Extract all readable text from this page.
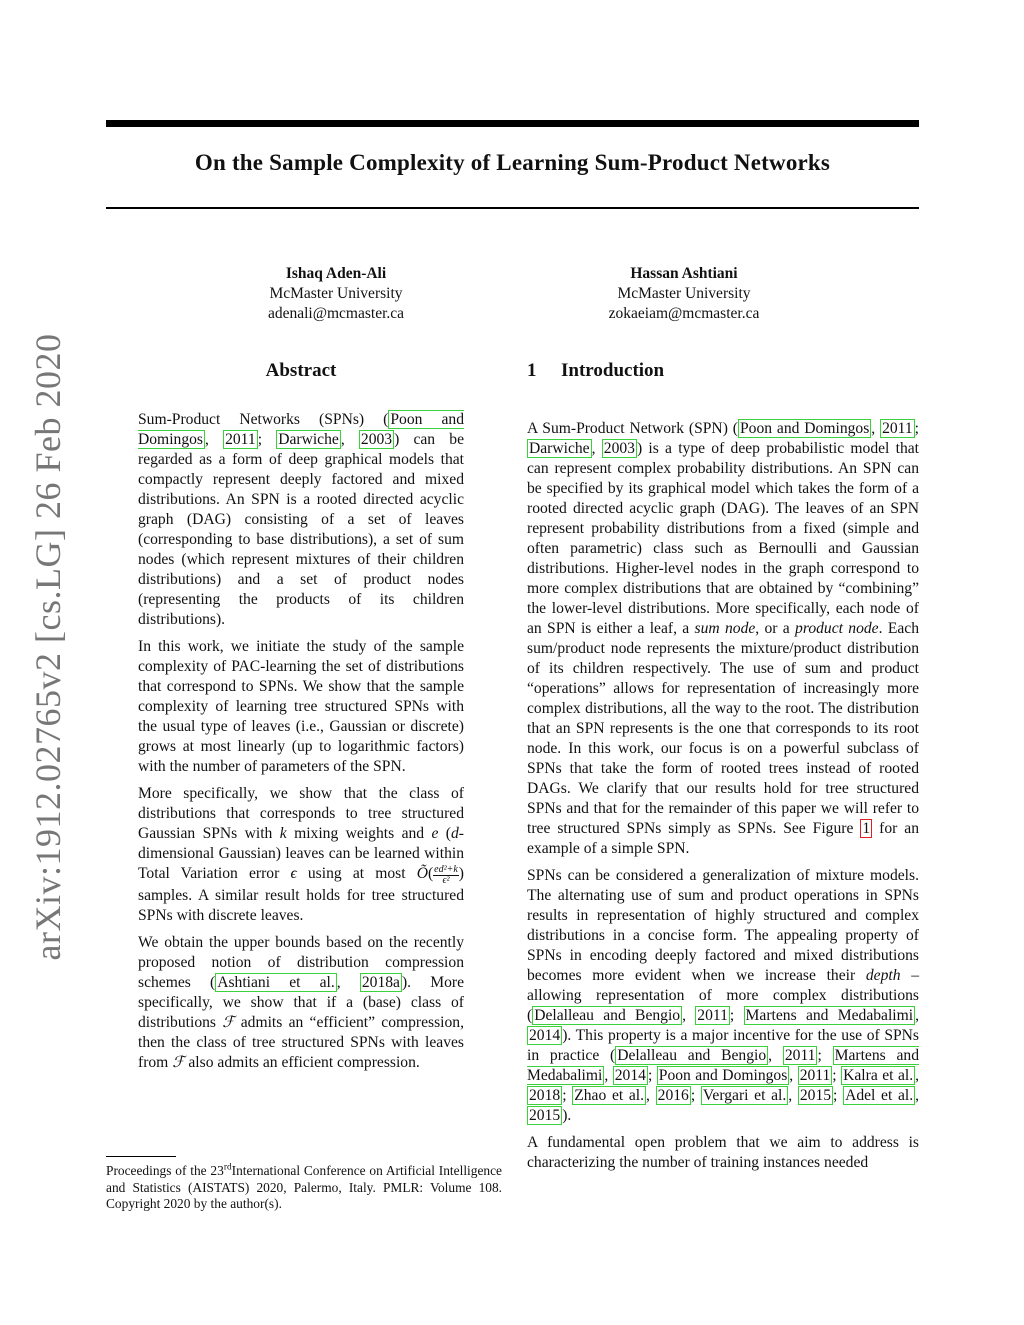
arXiv:1912.02765v2 [cs.LG] 26 Feb 2020
On the Sample Complexity of Learning Sum-Product Networks
Ishaq Aden-Ali
McMaster University
adenali@mcmaster.ca
Hassan Ashtiani
McMaster University
zokaeiam@mcmaster.ca
Abstract

Sum-Product Networks (SPNs) ( Poon and Domingos , 2011 ; Darwiche , 2003 ) can be regarded as a form of deep graphical models that compactly represent deeply factored and mixed distributions. An SPN is a rooted directed acyclic graph (DAG) consisting of a set of leaves (corresponding to base distributions), a set of sum nodes (which represent mixtures of their children distributions) and a set of product nodes (representing the products of its children distributions).

In this work, we initiate the study of the sample complexity of PAC-learning the set of distributions that correspond to SPNs. We show that the sample complexity of learning tree structured SPNs with the usual type of leaves (i.e., Gaussian or discrete) grows at most linearly (up to logarithmic factors) with the number of parameters of the SPN.

More specifically, we show that the class of distributions that corresponds to tree structured Gaussian SPNs with k mixing weights and e (d-dimensional Gaussian) leaves can be learned within Total Variation error ϵ using at most Õ( $\frac{\text{ed²+k}}{\text{ϵ²}}$ ) samples. A similar result holds for tree structured SPNs with discrete leaves.

We obtain the upper bounds based on the recently proposed notion of distribution compression schemes ( Ashtiani et al. , 2018a ). More specifically, we show that if a (base) class of distributions ℱ admits an “efficient” compression, then the class of tree structured SPNs with leaves from ℱ also admits an efficient compression.

Proceedings of the 23rdInternational Conference on Artificial Intelligence and Statistics (AISTATS) 2020, Palermo, Italy. PMLR: Volume 108. Copyright 2020 by the author(s).
1 Introduction

A Sum-Product Network (SPN) ( Poon and Domingos , 2011 ; Darwiche , 2003 ) is a type of deep probabilistic model that can represent complex probability distributions. An SPN can be specified by its graphical model which takes the form of a rooted directed acyclic graph (DAG). The leaves of an SPN represent probability distributions from a fixed (simple and often parametric) class such as Bernoulli and Gaussian distributions. Higher-level nodes in the graph correspond to more complex distributions that are obtained by “combining” the lower-level distributions. More specifically, each node of an SPN is either a leaf, a sum node, or a product node. Each sum/product node represents the mixture/product distribution of its children respectively. The use of sum and product “operations” allows for representation of increasingly more complex distributions, all the way to the root. The distribution that an SPN represents is the one that corresponds to its root node. In this work, our focus is on a powerful subclass of SPNs that take the form of rooted trees instead of rooted DAGs. We clarify that our results hold for tree structured SPNs and that for the remainder of this paper we will refer to tree structured SPNs simply as SPNs. See Figure 1 for an example of a simple SPN.

SPNs can be considered a generalization of mixture models. The alternating use of sum and product operations in SPNs results in representation of highly structured and complex distributions in a concise form. The appealing property of SPNs in encoding deeply factored and mixed distributions becomes more evident when we increase their depth – allowing representation of more complex distributions ( Delalleau and Bengio , 2011 ; Martens and Medabalimi , 2014 ). This property is a major incentive for the use of SPNs in practice ( Delalleau and Bengio , 2011 ; Martens and Medabalimi , 2014 ; Poon and Domingos , 2011 ; Kalra et al. , 2018 ; Zhao et al. , 2016 ; Vergari et al. , 2015 ; Adel et al. , 2015 ).

A fundamental open problem that we aim to address is characterizing the number of training instances needed
